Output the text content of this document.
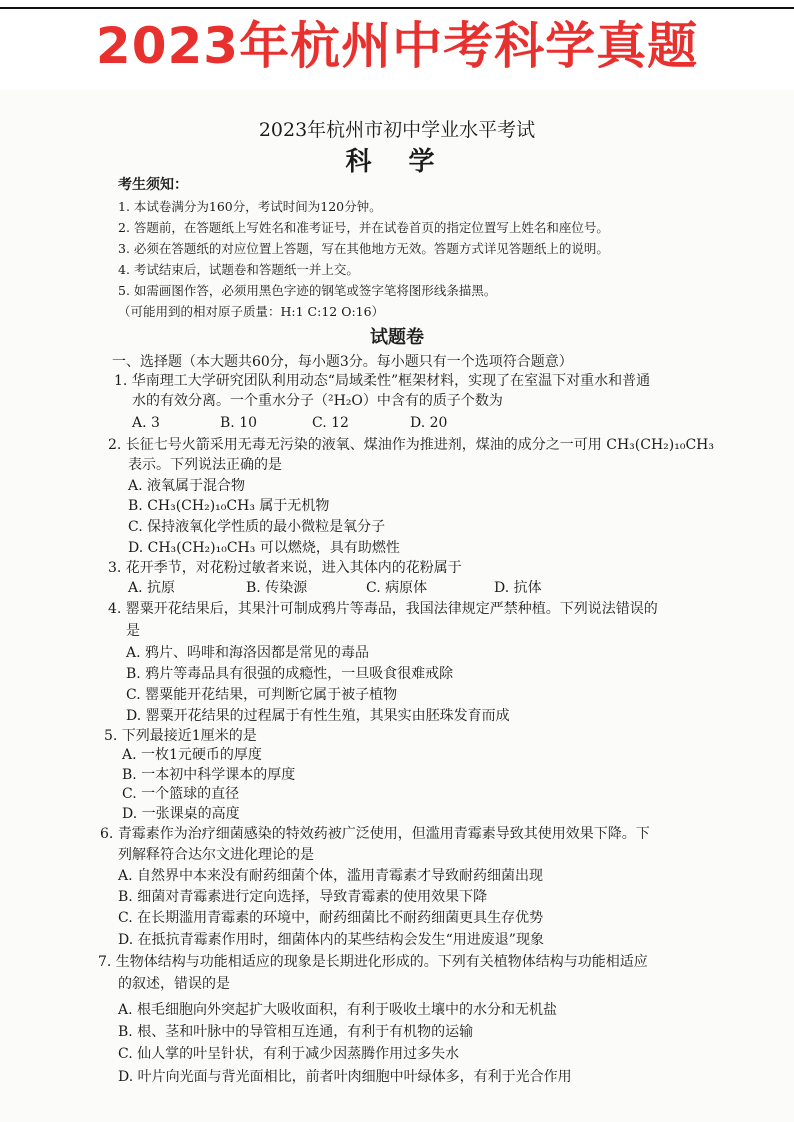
2023年杭州中考科学真题
2023年杭州市初中学业水平考试
科 学
考生须知：
1. 本试卷满分为160分，考试时间为120分钟。
2. 答题前，在答题纸上写姓名和准考证号，并在试卷首页的指定位置写上姓名和座位号。
3. 必须在答题纸的对应位置上答题，写在其他地方无效。答题方式详见答题纸上的说明。
4. 考试结束后，试题卷和答题纸一并上交。
5. 如需画图作答，必须用黑色字迹的钢笔或签字笔将图形线条描黑。
（可能用到的相对原子质量：H:1 C:12 O:16）
试题卷
一、选择题（本大题共60分，每小题3分。每小题只有一个选项符合题意）
1. 华南理工大学研究团队利用动态“局域柔性”框架材料，实现了在室温下对重水和普通
水的有效分离。一个重水分子（²H₂O）中含有的质子个数为
A. 3	B. 10	C. 12	D. 20
2. 长征七号火箭采用无毒无污染的液氧、煤油作为推进剂，煤油的成分之一可用 CH₃(CH₂)₁₀CH₃
表示。下列说法正确的是
A. 液氧属于混合物
B. CH₃(CH₂)₁₀CH₃ 属于无机物
C. 保持液氧化学性质的最小微粒是氧分子
D. CH₃(CH₂)₁₀CH₃ 可以燃烧，具有助燃性
3. 花开季节，对花粉过敏者来说，进入其体内的花粉属于
A. 抗原	B. 传染源	C. 病原体	D. 抗体
4. 罂粟开花结果后，其果汁可制成鸦片等毒品，我国法律规定严禁种植。下列说法错误的
是
A. 鸦片、吗啡和海洛因都是常见的毒品
B. 鸦片等毒品具有很强的成瘾性，一旦吸食很难戒除
C. 罂粟能开花结果，可判断它属于被子植物
D. 罂粟开花结果的过程属于有性生殖，其果实由胚珠发育而成
5. 下列最接近1厘米的是
A. 一枚1元硬币的厚度
B. 一本初中科学课本的厚度
C. 一个篮球的直径
D. 一张课桌的高度
6. 青霉素作为治疗细菌感染的特效药被广泛使用，但滥用青霉素导致其使用效果下降。下
列解释符合达尔文进化理论的是
A. 自然界中本来没有耐药细菌个体，滥用青霉素才导致耐药细菌出现
B. 细菌对青霉素进行定向选择，导致青霉素的使用效果下降
C. 在长期滥用青霉素的环境中，耐药细菌比不耐药细菌更具生存优势
D. 在抵抗青霉素作用时，细菌体内的某些结构会发生“用进废退”现象
7. 生物体结构与功能相适应的现象是长期进化形成的。下列有关植物体结构与功能相适应
的叙述，错误的是
A. 根毛细胞向外突起扩大吸收面积，有利于吸收土壤中的水分和无机盐
B. 根、茎和叶脉中的导管相互连通，有利于有机物的运输
C. 仙人掌的叶呈针状，有利于减少因蒸腾作用过多失水
D. 叶片向光面与背光面相比，前者叶肉细胞中叶绿体多，有利于光合作用
